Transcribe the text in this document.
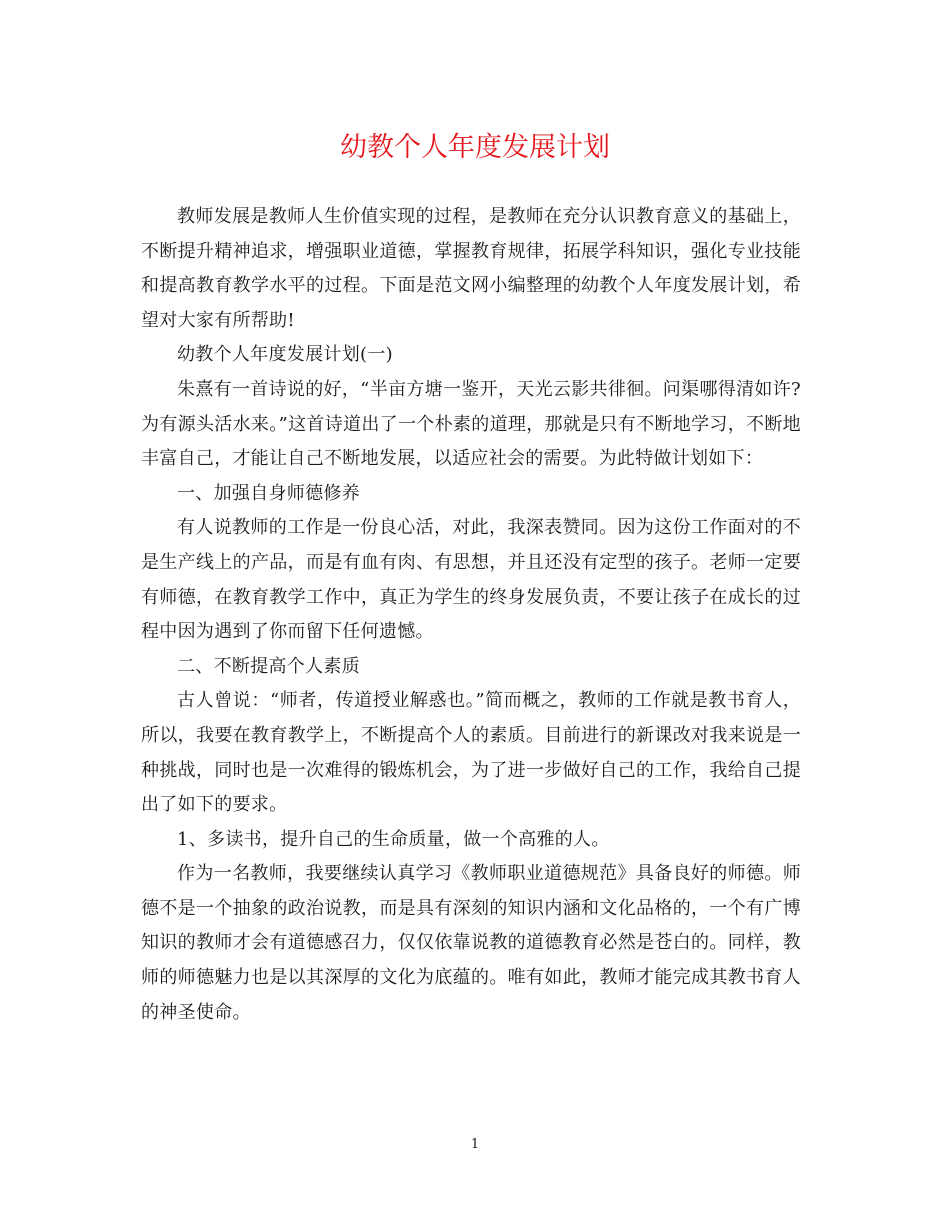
幼教个人年度发展计划

教师发展是教师人生价值实现的过程，是教师在充分认识教育意义的基础上，不断提升精神追求，增强职业道德，掌握教育规律，拓展学科知识，强化专业技能和提高教育教学水平的过程。下面是范文网小编整理的幼教个人年度发展计划，希望对大家有所帮助!

幼教个人年度发展计划(一)

朱熹有一首诗说的好，“半亩方塘一鉴开，天光云影共徘徊。问渠哪得清如许?为有源头活水来。”这首诗道出了一个朴素的道理，那就是只有不断地学习，不断地丰富自己，才能让自己不断地发展，以适应社会的需要。为此特做计划如下：

一、加强自身师德修养

有人说教师的工作是一份良心活，对此，我深表赞同。因为这份工作面对的不是生产线上的产品，而是有血有肉、有思想，并且还没有定型的孩子。老师一定要有师德，在教育教学工作中，真正为学生的终身发展负责，不要让孩子在成长的过程中因为遇到了你而留下任何遗憾。

二、不断提高个人素质

古人曾说：“师者，传道授业解惑也。”简而概之，教师的工作就是教书育人，所以，我要在教育教学上，不断提高个人的素质。目前进行的新课改对我来说是一种挑战，同时也是一次难得的锻炼机会，为了进一步做好自己的工作，我给自己提出了如下的要求。

1、多读书，提升自己的生命质量，做一个高雅的人。

作为一名教师，我要继续认真学习《教师职业道德规范》具备良好的师德。师德不是一个抽象的政治说教，而是具有深刻的知识内涵和文化品格的，一个有广博知识的教师才会有道德感召力，仅仅依靠说教的道德教育必然是苍白的。同样，教师的师德魅力也是以其深厚的文化为底蕴的。唯有如此，教师才能完成其教书育人的神圣使命。

1
